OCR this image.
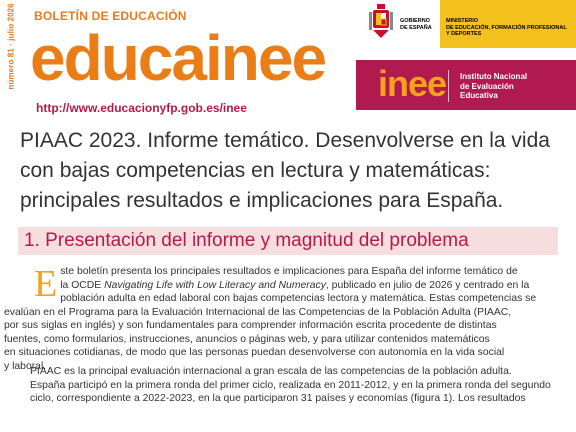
número 81 · julio 2026 BOLETÍN DE EDUCACIÓN
educainee
http://www.educacionyfp.gob.es/inee
GOBIERNO
DE ESPAÑA
MINISTERIO
DE EDUCACIÓN, FORMACIÓN PROFESIONAL
Y DEPORTES
inee Instituto Nacional
de Evaluación
Educativa
PIAAC 2023. Informe temático. Desenvolverse en la vida con bajas competencias en lectura y matemáticas: principales resultados e implicaciones para España.
1. Presentación del informe y magnitud del problema
E ste boletín presenta los principales resultados e implicaciones para España del informe temático de
la OCDE Navigating Life with Low Literacy and Numeracy, publicado en julio de 2026 y centrado en la
población adulta en edad laboral con bajas competencias lectora y matemática. Estas competencias se
evalúan en el Programa para la Evaluación Internacional de las Competencias de la Población Adulta (PIAAC,
por sus siglas en inglés) y son fundamentales para comprender información escrita procedente de distintas
fuentes, como formularios, instrucciones, anuncios o páginas web, y para utilizar contenidos matemáticos
en situaciones cotidianas, de modo que las personas puedan desenvolverse con autonomía en la vida social
y laboral.
PIAAC es la principal evaluación internacional a gran escala de las competencias de la población adulta.
España participó en la primera ronda del primer ciclo, realizada en 2011-2012, y en la primera ronda del segundo
ciclo, correspondiente a 2022-2023, en la que participaron 31 países y economías (figura 1). Los resultados
